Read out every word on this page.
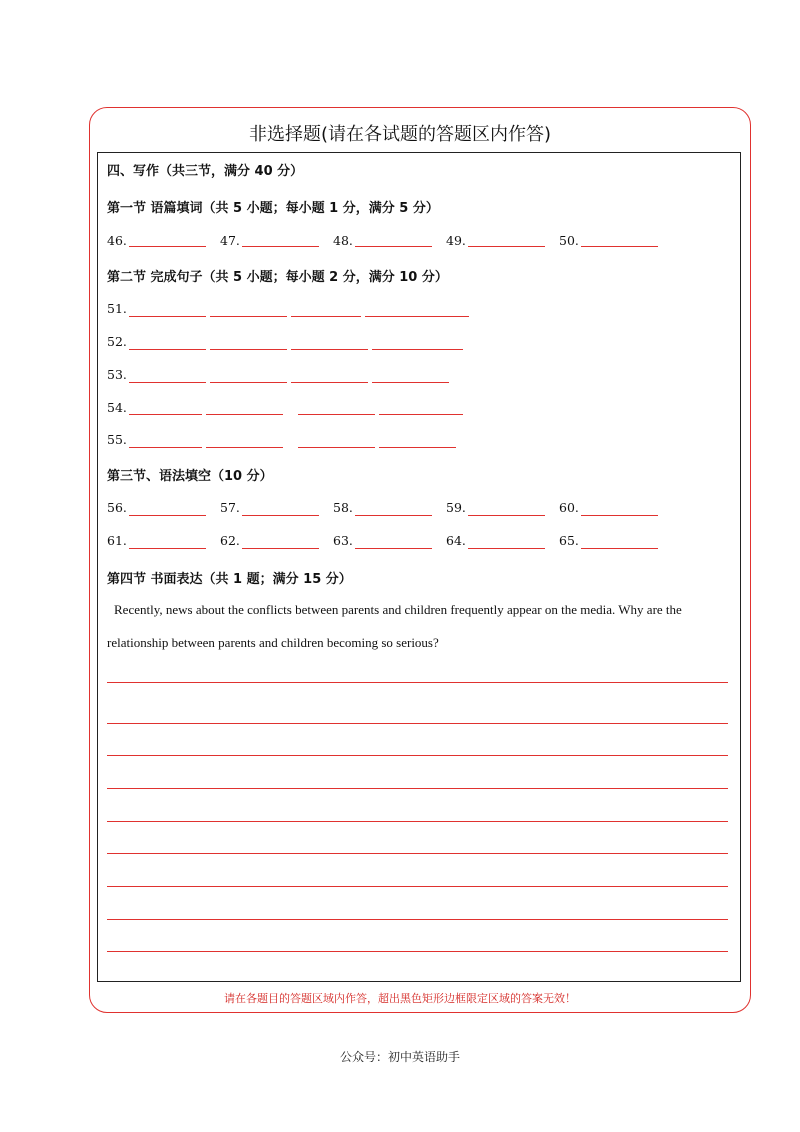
非选择题(请在各试题的答题区内作答)
四、写作（共三节，满分 40 分）
第一节 语篇填词（共 5 小题；每小题 1 分，满分 5 分）
46.	47.	48.	49.	50.
第二节 完成句子（共 5 小题；每小题 2 分，满分 10 分）
51.
52.
53.
54.
55.
第三节、语法填空（10 分）
56.	57.	58.	59.	60.
61.	62.	63.	64.	65.
第四节 书面表达（共 1 题；满分 15 分）
Recently, news about the conflicts between parents and children frequently appear on the media. Why are the relationship between parents and children becoming so serious?
请在各题目的答题区域内作答，超出黑色矩形边框限定区域的答案无效！
公众号：初中英语助手
